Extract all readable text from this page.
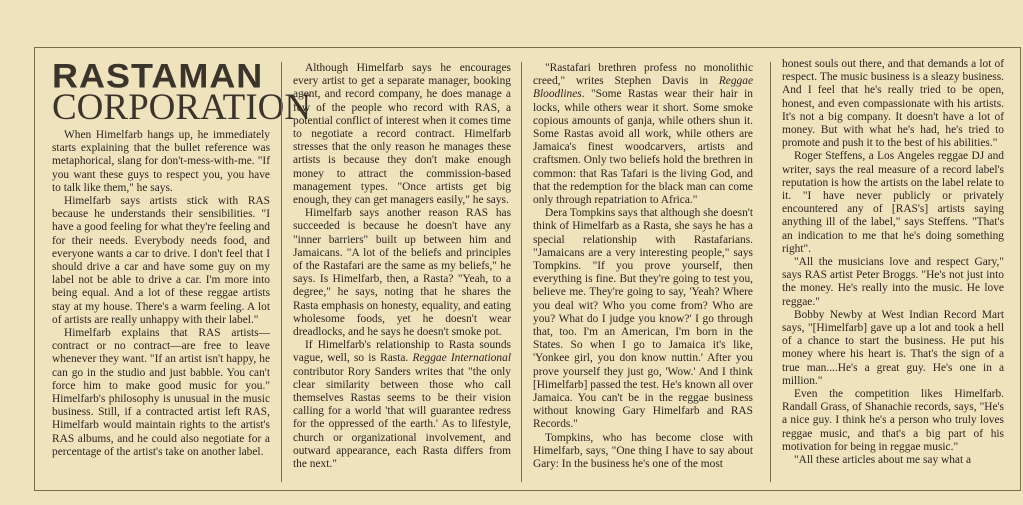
RASTAMAN
CORPORATION

When Himelfarb hangs up, he immediately starts explaining that the bullet reference was metaphorical, slang for don't-mess-with-me. "If you want these guys to respect you, you have to talk like them," he says.

Himelfarb says artists stick with RAS because he understands their sensibilities. "I have a good feeling for what they're feeling and for their needs. Everybody needs food, and everyone wants a car to drive. I don't feel that I should drive a car and have some guy on my label not be able to drive a car. I'm more into being equal. And a lot of these reggae artists stay at my house. There's a warm feeling. A lot of artists are really unhappy with their label."

Himelfarb explains that RAS artists—contract or no contract—are free to leave whenever they want. "If an artist isn't happy, he can go in the studio and just babble. You can't force him to make good music for you." Himelfarb's philosophy is unusual in the music business. Still, if a contracted artist left RAS, Himelfarb would maintain rights to the artist's RAS albums, and he could also negotiate for a percentage of the artist's take on another label.

Although Himelfarb says he encourages every artist to get a separate manager, booking agent, and record company, he does manage a few of the people who record with RAS, a potential conflict of interest when it comes time to negotiate a record contract. Himelfarb stresses that the only reason he manages these artists is because they don't make enough money to attract the commission-based management types. "Once artists get big enough, they can get managers easily," he says.

Himelfarb says another reason RAS has succeeded is because he doesn't have any "inner barriers" built up between him and Jamaicans. "A lot of the beliefs and principles of the Rastafari are the same as my beliefs," he says. Is Himelfarb, then, a Rasta? "Yeah, to a degree," he says, noting that he shares the Rasta emphasis on honesty, equality, and eating wholesome foods, yet he doesn't wear dreadlocks, and he says he doesn't smoke pot.

If Himelfarb's relationship to Rasta sounds vague, well, so is Rasta. Reggae International contributor Rory Sanders writes that "the only clear similarity between those who call themselves Rastas seems to be their vision calling for a world 'that will guarantee redress for the oppressed of the earth.' As to lifestyle, church or organizational involvement, and outward appearance, each Rasta differs from the next."

"Rastafari brethren profess no monolithic creed," writes Stephen Davis in Reggae Bloodlines. "Some Rastas wear their hair in locks, while others wear it short. Some smoke copious amounts of ganja, while others shun it. Some Rastas avoid all work, while others are Jamaica's finest woodcarvers, artists and craftsmen. Only two beliefs hold the brethren in common: that Ras Tafari is the living God, and that the redemption for the black man can come only through repatriation to Africa."

Dera Tompkins says that although she doesn't think of Himelfarb as a Rasta, she says he has a special relationship with Rastafarians. "Jamaicans are a very interesting people," says Tompkins. "If you prove yourself, then everything is fine. But they're going to test you, believe me. They're going to say, 'Yeah? Where you deal wit? Who you come from? Who are you? What do I judge you know?' I go through that, too. I'm an American, I'm born in the States. So when I go to Jamaica it's like, 'Yonkee girl, you don know nuttin.' After you prove yourself they just go, 'Wow.' And I think [Himelfarb] passed the test. He's known all over Jamaica. You can't be in the reggae business without knowing Gary Himelfarb and RAS Records."

Tompkins, who has become close with Himelfarb, says, "One thing I have to say about Gary: In the business he's one of the most

honest souls out there, and that demands a lot of respect. The music business is a sleazy business. And I feel that he's really tried to be open, honest, and even compassionate with his artists. It's not a big company. It doesn't have a lot of money. But with what he's had, he's tried to promote and push it to the best of his abilities."

Roger Steffens, a Los Angeles reggae DJ and writer, says the real measure of a record label's reputation is how the artists on the label relate to it. "I have never publicly or privately encountered any of [RAS's] artists saying anything ill of the label," says Steffens. "That's an indication to me that he's doing something right".

"All the musicians love and respect Gary," says RAS artist Peter Broggs. "He's not just into the money. He's really into the music. He love reggae."

Bobby Newby at West Indian Record Mart says, "[Himelfarb] gave up a lot and took a hell of a chance to start the business. He put his money where his heart is. That's the sign of a true man....He's a great guy. He's one in a million."

Even the competition likes Himelfarb. Randall Grass, of Shanachie records, says, "He's a nice guy. I think he's a person who truly loves reggae music, and that's a big part of his motivation for being in reggae music."

"All these articles about me say what a
